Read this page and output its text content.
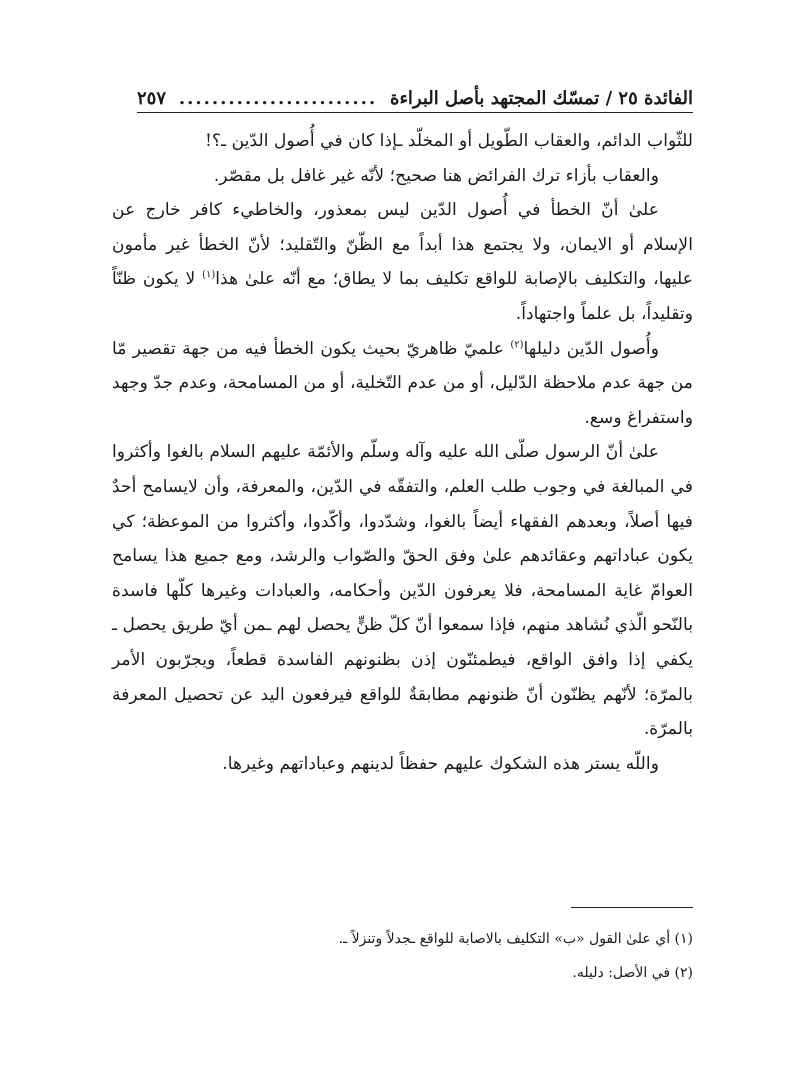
الفائدة ٢٥ / تمسّك المجتهد بأصل البراءة
........................
٢٥٧

للثّواب الدائم، والعقاب الطّويل أو المخلّد ـإذا كان في أُصول الدّين ـ؟!

والعقاب بأزاء ترك الفرائض هنا صحيح؛ لأنّه غير غافل بل مقصّر.

علىٰ أنّ الخطأ في أُصول الدّين ليس بمعذور، والخاطيء كافر خارج عن الإسلام أو الايمان، ولا يجتمع هذا أبداً مع الظّنّ والتّقليد؛ لأنّ الخطأ غير مأمون عليها، والتكليف بالإصابة للواقع تكليف بما لا يطاق؛ مع أنّه علىٰ هذا$^{(١)}$ لا يكون ظنّاً وتقليداً، بل علماً واجتهاداً.

وأُصول الدّين دليلها$^{(٢)}$ علميّ ظاهريّ بحيث يكون الخطأ فيه من جهة تقصير مّا من جهة عدم ملاحظة الدّليل، أو من عدم التّخلية، أو من المسامحة، وعدم جدّ وجهد واستفراغ وسع.

علىٰ أنّ الرسول صلّى الله عليه وآله وسلّم والأئمّة عليهم السلام بالغوا وأكثروا في المبالغة في وجوب طلب العلم، والتفقّه في الدّين، والمعرفة، وأن لايسامح أحدٌ فيها أصلاً، وبعدهم الفقهاء أيضاً بالغوا، وشدّدوا، وأكّدوا، وأكثروا من الموعظة؛ كي يكون عباداتهم وعقائدهم علىٰ وفق الحقّ والصّواب والرشد، ومع جميع هذا يسامح العوامّ غاية المسامحة، فلا يعرفون الدّين وأحكامه، والعبادات وغيرها كلّها فاسدة بالنّحو الّذي نُشاهد منهم، فإذا سمعوا أنّ كلّ ظنٍّ يحصل لهم ـمن أيّ طريق يحصل ـ يكفي إذا وافق الواقع، فيطمئنّون إذن بظنونهم الفاسدة قطعاً، ويجرّبون الأمر بالمرّة؛ لأنّهم يظنّون أنّ ظنونهم مطابقةٌ للواقع فيرفعون اليد عن تحصيل المعرفة بالمرّة.

واللّه يستر هذه الشكوك عليهم حفظاً لدينهم وعباداتهم وغيرها.

(١) أي علىٰ القول «ب» التكليف بالاصابة للواقع ـجدلاً وتنزلاً ـ.

(٢) في الأصل: دليله.
